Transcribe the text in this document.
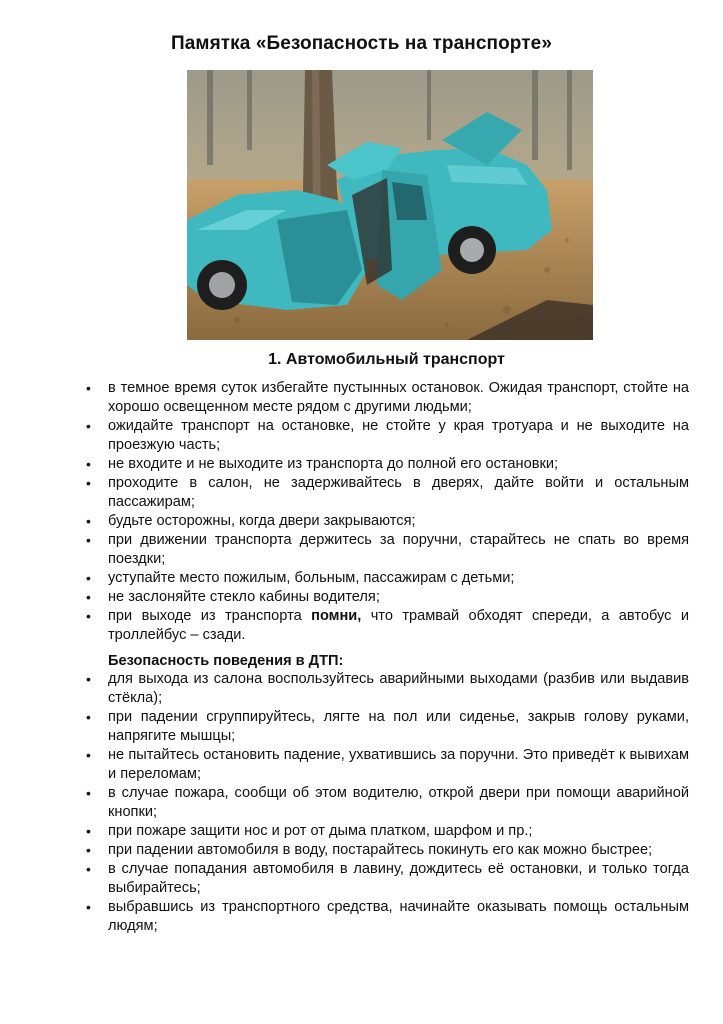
Памятка «Безопасность на транспорте»
1. Автомобильный транспорт
• в темное время суток избегайте пустынных остановок. Ожидая транспорт, стойте на хорошо освещенном месте рядом с другими людьми;
• ожидайте транспорт на остановке, не стойте у края тротуара и не выходите на проезжую часть;
• не входите и не выходите из транспорта до полной его остановки;
• проходите в салон, не задерживайтесь в дверях, дайте войти и остальным пассажирам;
• будьте осторожны, когда двери закрываются;
• при движении транспорта держитесь за поручни, старайтесь не спать во время поездки;
• уступайте место пожилым, больным, пассажирам с детьми;
• не заслоняйте стекло кабины водителя;
• при выходе из транспорта помни, что трамвай обходят спереди, а автобус и троллейбус – сзади.
Безопасность поведения в ДТП:
• для выхода из салона воспользуйтесь аварийными выходами (разбив или выдавив стёкла);
• при падении сгруппируйтесь, лягте на пол или сиденье, закрыв голову руками, напрягите мышцы;
• не пытайтесь остановить падение, ухватившись за поручни. Это приведёт к вывихам и переломам;
• в случае пожара, сообщи об этом водителю, открой двери при помощи аварийной кнопки;
• при пожаре защити нос и рот от дыма платком, шарфом и пр.;
• при падении автомобиля в воду, постарайтесь покинуть его как можно быстрее;
• в случае попадания автомобиля в лавину, дождитесь её остановки, и только тогда выбирайтесь;
• выбравшись из транспортного средства, начинайте оказывать помощь остальным людям;
